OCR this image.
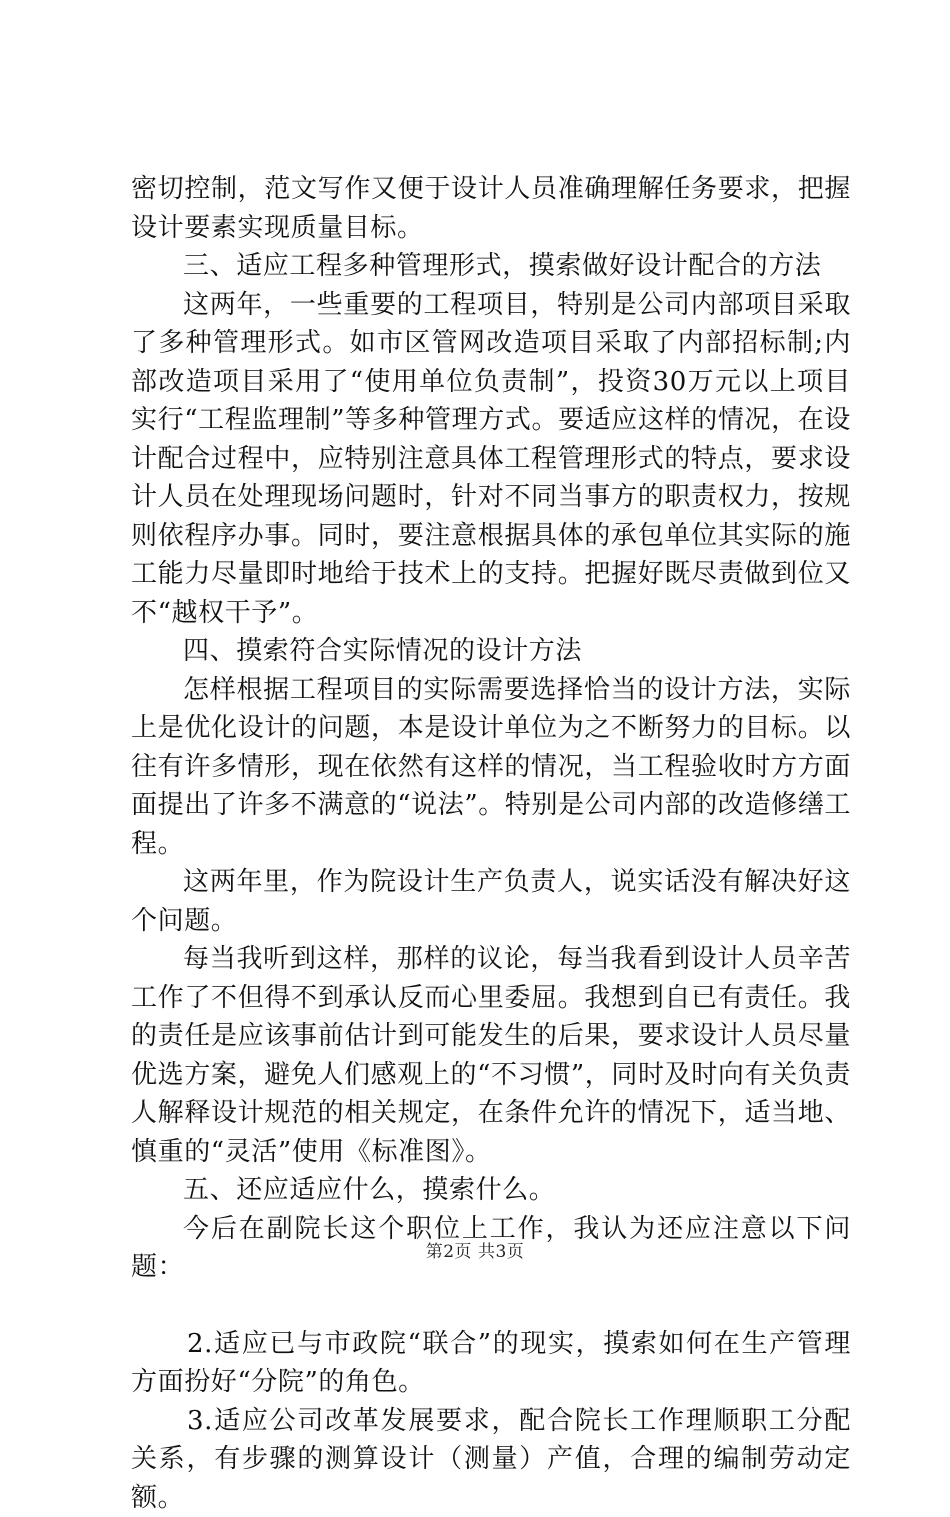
密切控制，范文写作又便于设计人员准确理解任务要求，把握设计要素实现质量目标。

三、适应工程多种管理形式，摸索做好设计配合的方法

这两年，一些重要的工程项目，特别是公司内部项目采取了多种管理形式。如市区管网改造项目采取了内部招标制;内部改造项目采用了“使用单位负责制”，投资30万元以上项目实行“工程监理制”等多种管理方式。要适应这样的情况，在设计配合过程中，应特别注意具体工程管理形式的特点，要求设计人员在处理现场问题时，针对不同当事方的职责权力，按规则依程序办事。同时，要注意根据具体的承包单位其实际的施工能力尽量即时地给于技术上的支持。把握好既尽责做到位又不“越权干予”。

四、摸索符合实际情况的设计方法

怎样根据工程项目的实际需要选择恰当的设计方法，实际上是优化设计的问题，本是设计单位为之不断努力的目标。以往有许多情形，现在依然有这样的情况，当工程验收时方方面面提出了许多不满意的“说法”。特别是公司内部的改造修缮工程。

这两年里，作为院设计生产负责人，说实话没有解决好这个问题。

每当我听到这样，那样的议论，每当我看到设计人员辛苦工作了不但得不到承认反而心里委屈。我想到自已有责任。我的责任是应该事前估计到可能发生的后果，要求设计人员尽量优选方案，避免人们感观上的“不习惯”，同时及时向有关负责人解释设计规范的相关规定，在条件允许的情况下，适当地、慎重的“灵活”使用《标准图》。

五、还应适应什么，摸索什么。

今后在副院长这个职位上工作，我认为还应注意以下问题：

2.适应已与市政院“联合”的现实，摸索如何在生产管理方面扮好“分院”的角色。

3.适应公司改革发展要求，配合院长工作理顺职工分配关系，有步骤的测算设计（测量）产值，合理的编制劳动定额。

第2页 共3页
